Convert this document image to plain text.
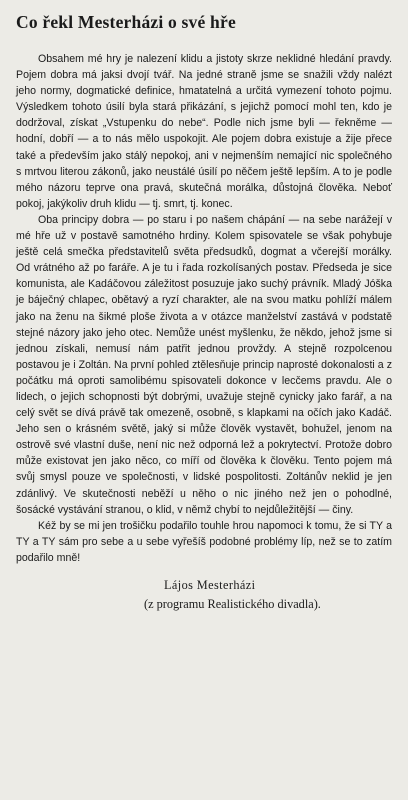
Co řekl Mesterházi o své hře

Obsahem mé hry je nalezení klidu a jistoty skrze neklidné hledání pravdy. Pojem dobra má jaksi dvojí tvář. Na jedné straně jsme se snažili vždy nalézt jeho normy, dogmatické definice, hmatatelná a určitá vymezení tohoto pojmu. Výsledkem tohoto úsilí byla stará přikázání, s jejichž pomocí mohl ten, kdo je dodržoval, získat „Vstupenku do nebe“. Podle nich jsme byli — řekněme — hodní, dobří — a to nás mělo uspokojit. Ale pojem dobra existuje a žije přece také a především jako stálý nepokoj, ani v nejmenším nemající nic společného s mrtvou literou zákonů, jako neustálé úsilí po něčem ještě lepším. A to je podle mého názoru teprve ona pravá, skutečná morálka, důstojná člověka. Neboť pokoj, jakýkoliv druh klidu — tj. smrt, tj. konec.

Oba principy dobra — po staru i po našem chápání — na sebe narážejí v mé hře už v postavě samotného hrdiny. Kolem spisovatele se však pohybuje ještě celá smečka představitelů světa předsudků, dogmat a včerejší morálky. Od vrátného až po faráře. A je tu i řada rozkolísaných postav. Předseda je sice komunista, ale Kadáčovou záležitost posuzuje jako suchý právník. Mladý Jóška je báječný chlapec, obětavý a ryzí charakter, ale na svou matku pohlíží málem jako na ženu na šikmé ploše života a v otázce manželství zastává v podstatě stejné názory jako jeho otec. Nemůže unést myšlenku, že někdo, jehož jsme si jednou získali, nemusí nám patřit jednou provždy. A stejně rozpolcenou postavou je i Zoltán. Na první pohled ztělesňuje princip naprosté dokonalosti a z počátku má oproti samolibému spisovateli dokonce v lecčems pravdu. Ale o lidech, o jejich schopnosti být dobrými, uvažuje stejně cynicky jako farář, a na celý svět se dívá právě tak omezeně, osobně, s klapkami na očích jako Kadáč. Jeho sen o krásném světě, jaký si může člověk vystavět, bohužel, jenom na ostrově své vlastní duše, není nic než odporná lež a pokrytectví. Protože dobro může existovat jen jako něco, co míří od člověka k člověku. Tento pojem má svůj smysl pouze ve společnosti, v lidské pospolitosti. Zoltánův neklid je jen zdánlivý. Ve skutečnosti neběží u něho o nic jiného než jen o pohodlné, šosácké vystávání stranou, o klid, v němž chybí to nejdůležitější — činy.

Kéž by se mi jen trošičku podařilo touhle hrou napomoci k tomu, že si TY a TY a TY sám pro sebe a u sebe vyřešíš podobné problémy líp, než se to zatím podařilo mně!

Lájos Mesterházi
(z programu Realistického divadla).
